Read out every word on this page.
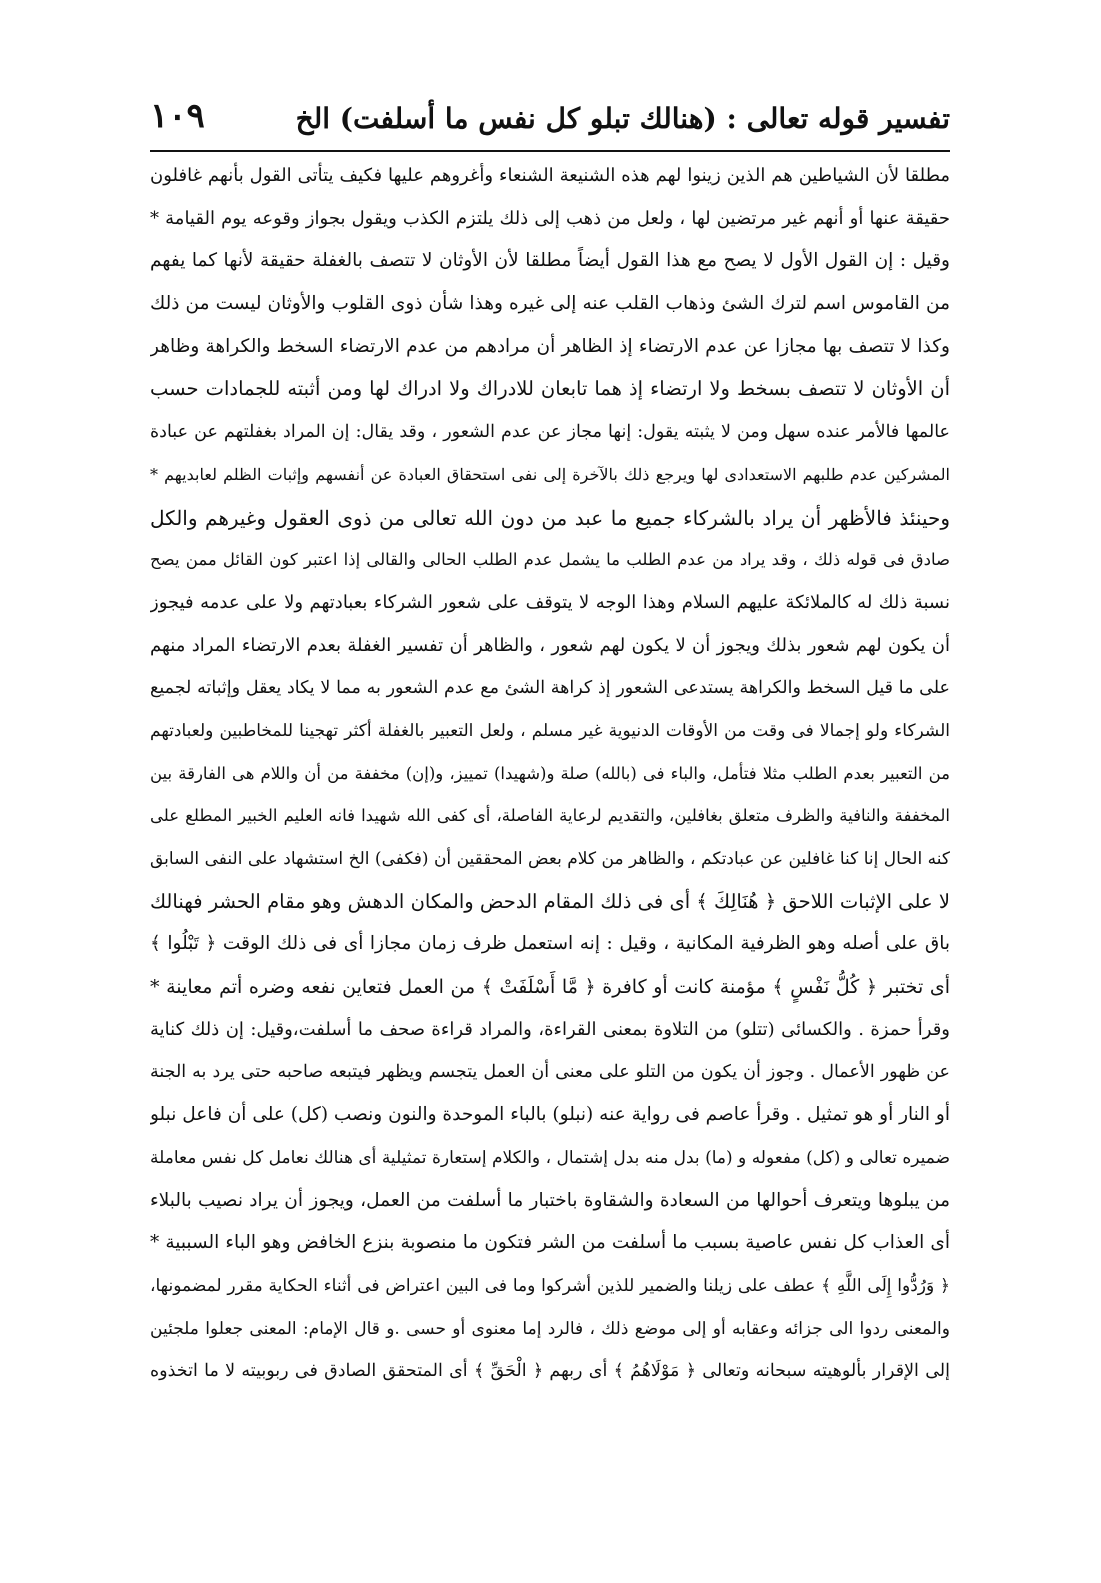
تفسير قوله تعالى : (هنالك تبلو كل نفس ما أسلفت) الخ
١٠٩
مطلقا لأن الشياطين هم الذين زينوا لهم هذه الشنيعة الشنعاء وأغروهم عليها فكيف يتأتى القول بأنهم غافلون
حقيقة عنها أو أنهم غير مرتضين لها ، ولعل من ذهب إلى ذلك يلتزم الكذب ويقول بجواز وقوعه يوم القيامة *
وقيل : إن القول الأول لا يصح مع هذا القول أيضاً مطلقا لأن الأوثان لا تتصف بالغفلة حقيقة لأنها كما يفهم
من القاموس اسم لترك الشئ وذهاب القلب عنه إلى غيره وهذا شأن ذوى القلوب والأوثان ليست من ذلك
وكذا لا تتصف بها مجازا عن عدم الارتضاء إذ الظاهر أن مرادهم من عدم الارتضاء السخط والكراهة وظاهر
أن الأوثان لا تتصف بسخط ولا ارتضاء إذ هما تابعان للادراك ولا ادراك لها ومن أثبته للجمادات حسب
عالمها فالأمر عنده سهل ومن لا يثبته يقول: إنها مجاز عن عدم الشعور ، وقد يقال: إن المراد بغفلتهم عن عبادة
المشركين عدم طلبهم الاستعدادى لها ويرجع ذلك بالآخرة إلى نفى استحقاق العبادة عن أنفسهم وإثبات الظلم لعابديهم *
وحينئذ فالأظهر أن يراد بالشركاء جميع ما عبد من دون الله تعالى من ذوى العقول وغيرهم والكل
صادق فى قوله ذلك ، وقد يراد من عدم الطلب ما يشمل عدم الطلب الحالى والقالى إذا اعتبر كون القائل ممن يصح
نسبة ذلك له كالملائكة عليهم السلام وهذا الوجه لا يتوقف على شعور الشركاء بعبادتهم ولا على عدمه فيجوز
أن يكون لهم شعور بذلك ويجوز أن لا يكون لهم شعور ، والظاهر أن تفسير الغفلة بعدم الارتضاء المراد منهم
على ما قيل السخط والكراهة يستدعى الشعور إذ كراهة الشئ مع عدم الشعور به مما لا يكاد يعقل وإثباته لجميع
الشركاء ولو إجمالا فى وقت من الأوقات الدنيوية غير مسلم ، ولعل التعبير بالغفلة أكثر تهجينا للمخاطبين ولعبادتهم
من التعبير بعدم الطلب مثلا فتأمل، والباء فى (بالله) صلة و(شهيدا) تمييز، و(إن) مخففة من أن واللام هى الفارقة بين
المخففة والنافية والظرف متعلق بغافلين، والتقديم لرعاية الفاصلة، أى كفى الله شهيدا فانه العليم الخبير المطلع على
كنه الحال إنا كنا غافلين عن عبادتكم ، والظاهر من كلام بعض المحققين أن (فكفى) الخ استشهاد على النفى السابق
لا على الإثبات اللاحق ﴿ هُنَالِكَ ﴾ أى فى ذلك المقام الدحض والمكان الدهش وهو مقام الحشر فهنالك
باق على أصله وهو الظرفية المكانية ، وقيل : إنه استعمل ظرف زمان مجازا أى فى ذلك الوقت ﴿ تَبْلُوا ﴾
أى تختبر ﴿ كُلُّ نَفْسٍ ﴾ مؤمنة كانت أو كافرة ﴿ مَّا أَسْلَفَتْ ﴾ من العمل فتعاين نفعه وضره أتم معاينة *
وقرأ حمزة . والكسائى (تتلو) من التلاوة بمعنى القراءة، والمراد قراءة صحف ما أسلفت،وقيل: إن ذلك كناية
عن ظهور الأعمال . وجوز أن يكون من التلو على معنى أن العمل يتجسم ويظهر فيتبعه صاحبه حتى يرد به الجنة
أو النار أو هو تمثيل . وقرأ عاصم فى رواية عنه (نبلو) بالباء الموحدة والنون ونصب (كل) على أن فاعل نبلو
ضميره تعالى و (كل) مفعوله و (ما) بدل منه بدل إشتمال ، والكلام إستعارة تمثيلية أى هنالك نعامل كل نفس معاملة
من يبلوها ويتعرف أحوالها من السعادة والشقاوة باختبار ما أسلفت من العمل، ويجوز أن يراد نصيب بالبلاء
أى العذاب كل نفس عاصية بسبب ما أسلفت من الشر فتكون ما منصوبة بنزع الخافض وهو الباء السببية *
﴿ وَرُدُّوا إِلَى اللَّهِ ﴾ عطف على زيلنا والضمير للذين أشركوا وما فى البين اعتراض فى أثناء الحكاية مقرر لمضمونها،
والمعنى ردوا الى جزائه وعقابه أو إلى موضع ذلك ، فالرد إما معنوى أو حسى .و قال الإمام: المعنى جعلوا ملجئين
إلى الإقرار بألوهيته سبحانه وتعالى ﴿ مَوْلَاهُمُ ﴾ أى ربهم ﴿ الْحَقِّ ﴾ أى المتحقق الصادق فى ربوبيته لا ما اتخذوه
